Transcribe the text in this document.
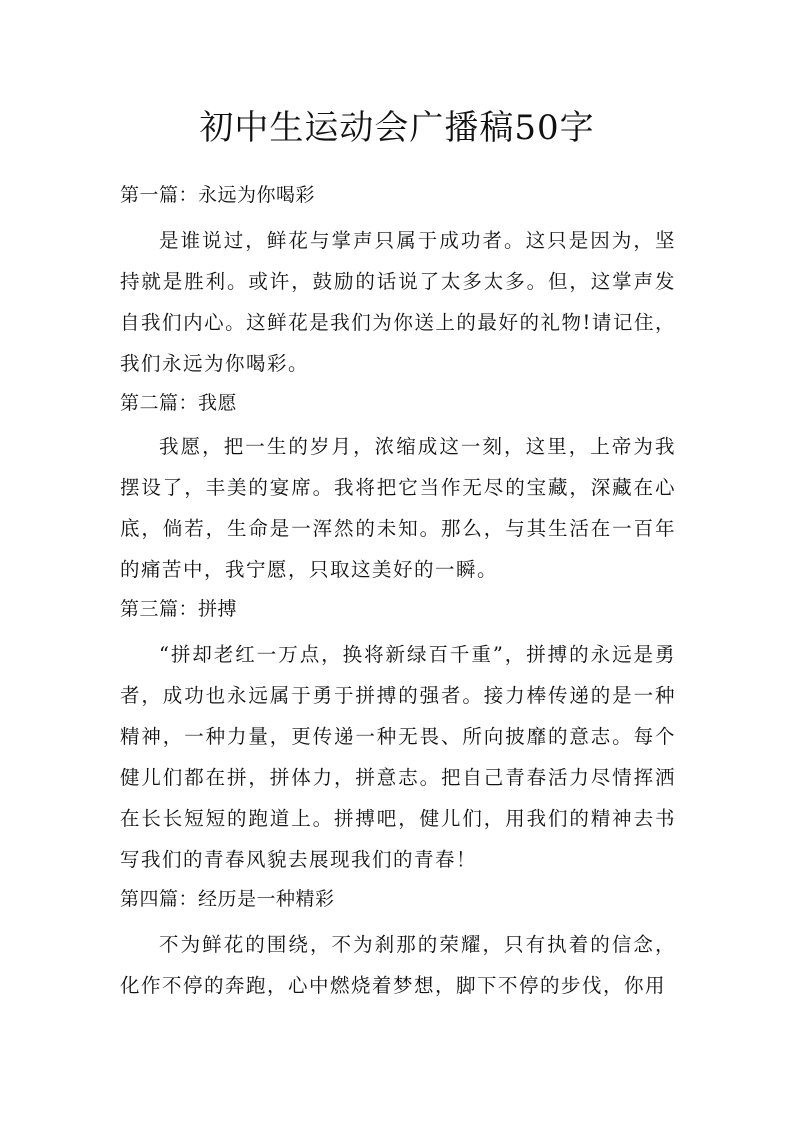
初中生运动会广播稿50字
第一篇：永远为你喝彩

是谁说过，鲜花与掌声只属于成功者。这只是因为，坚持就是胜利。或许，鼓励的话说了太多太多。但，这掌声发自我们内心。这鲜花是我们为你送上的最好的礼物!请记住，我们永远为你喝彩。

第二篇：我愿

我愿，把一生的岁月，浓缩成这一刻，这里，上帝为我摆设了，丰美的宴席。我将把它当作无尽的宝藏，深藏在心底，倘若，生命是一浑然的未知。那么，与其生活在一百年的痛苦中，我宁愿，只取这美好的一瞬。

第三篇：拼搏

“拼却老红一万点，换将新绿百千重”，拼搏的永远是勇者，成功也永远属于勇于拼搏的强者。接力棒传递的是一种精神，一种力量，更传递一种无畏、所向披靡的意志。每个健儿们都在拼，拼体力，拼意志。把自己青春活力尽情挥洒在长长短短的跑道上。拼搏吧，健儿们，用我们的精神去书写我们的青春风貌去展现我们的青春！

第四篇：经历是一种精彩

不为鲜花的围绕，不为刹那的荣耀，只有执着的信念，化作不停的奔跑，心中燃烧着梦想，脚下不停的步伐，你用
